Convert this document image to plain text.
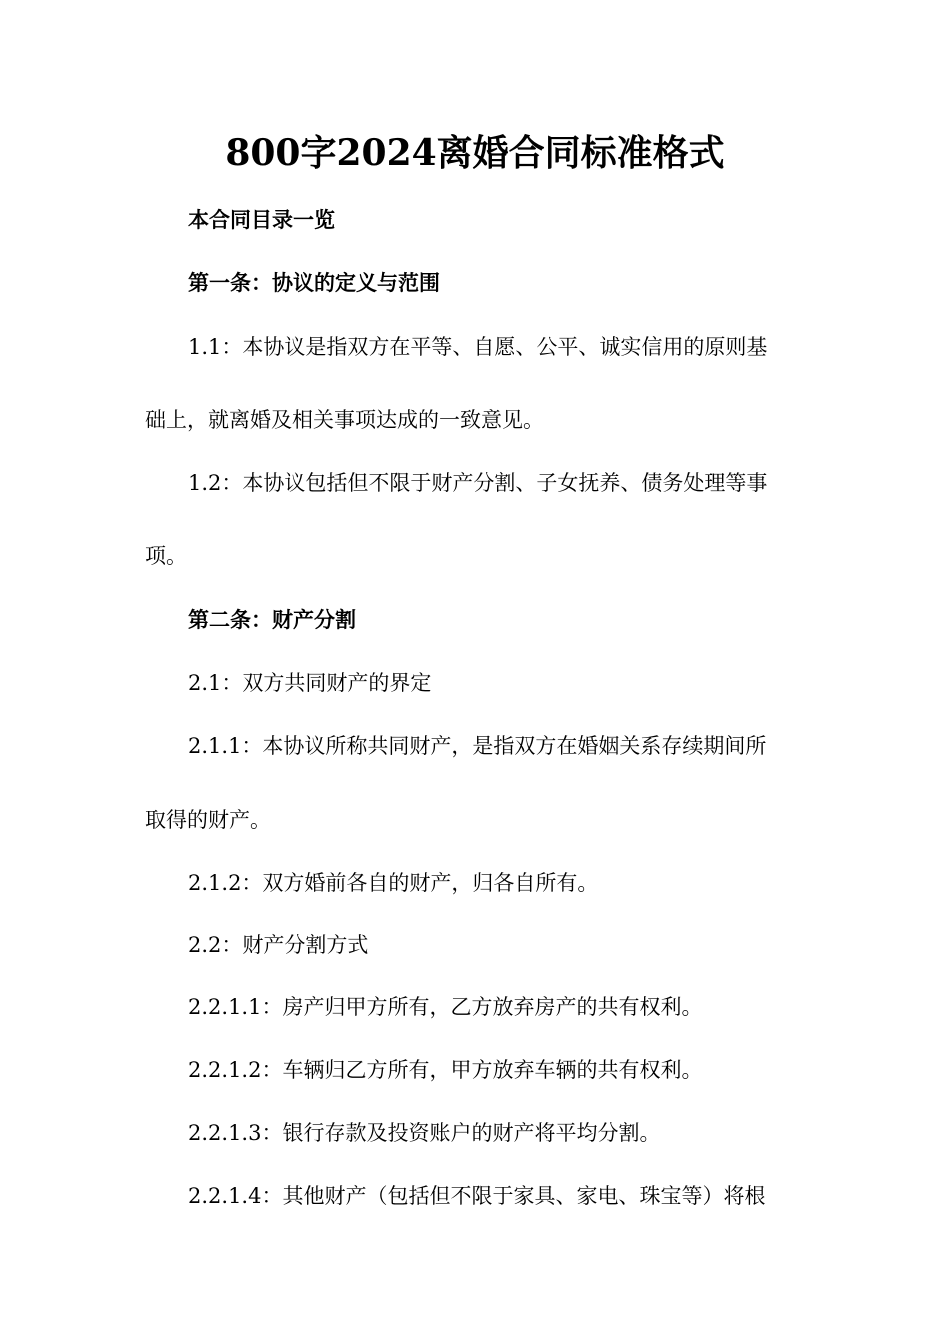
800字2024离婚合同标准格式
本合同目录一览
第一条：协议的定义与范围
1.1：本协议是指双方在平等、自愿、公平、诚实信用的原则基
础上，就离婚及相关事项达成的一致意见。
1.2：本协议包括但不限于财产分割、子女抚养、债务处理等事
项。
第二条：财产分割
2.1：双方共同财产的界定
2.1.1：本协议所称共同财产，是指双方在婚姻关系存续期间所
取得的财产。
2.1.2：双方婚前各自的财产，归各自所有。
2.2：财产分割方式
2.2.1.1：房产归甲方所有，乙方放弃房产的共有权利。
2.2.1.2：车辆归乙方所有，甲方放弃车辆的共有权利。
2.2.1.3：银行存款及投资账户的财产将平均分割。
2.2.1.4：其他财产（包括但不限于家具、家电、珠宝等）将根
